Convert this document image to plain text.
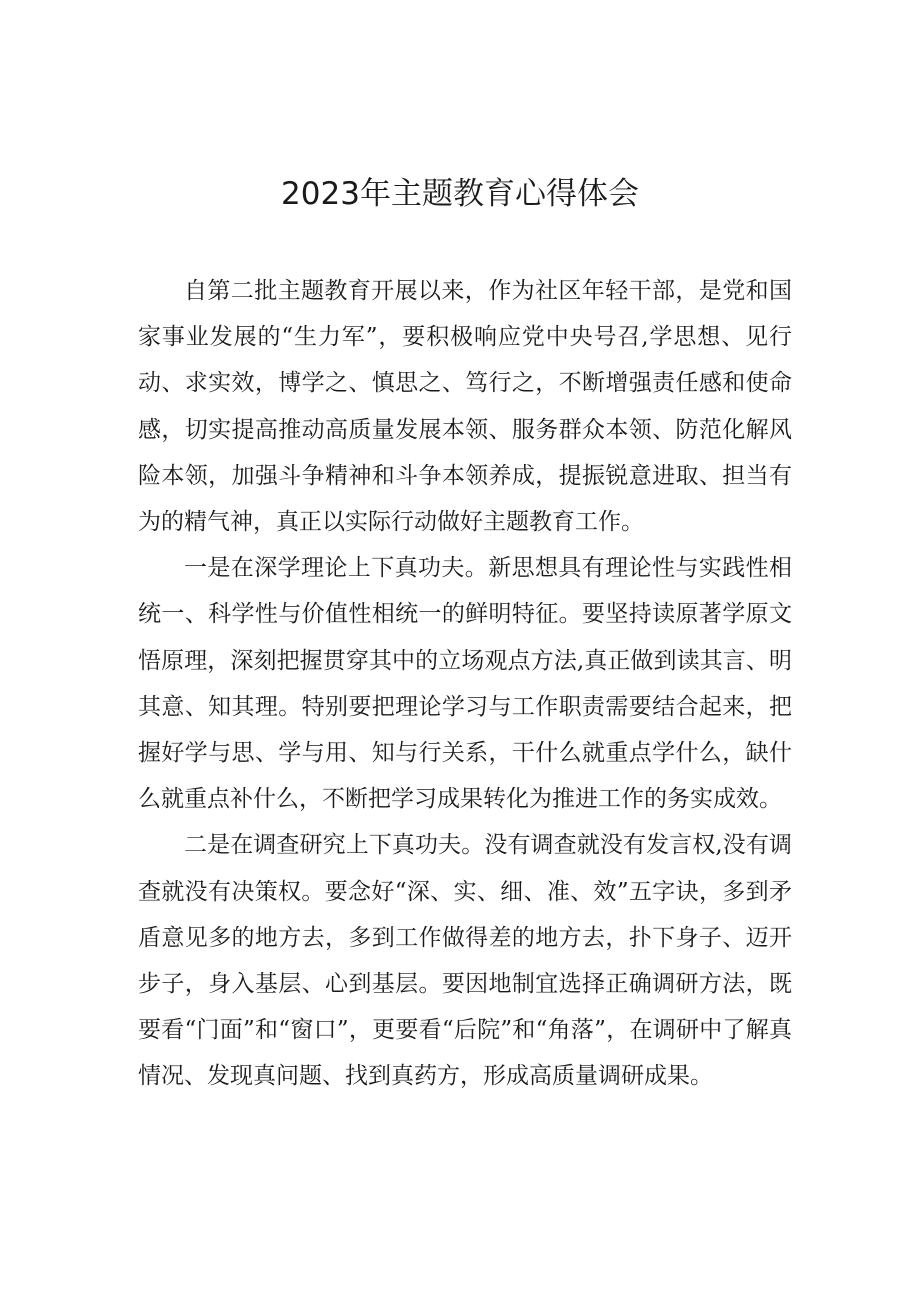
2023年主题教育心得体会

自第二批主题教育开展以来，作为社区年轻干部，是党和国家事业发展的“生力军”，要积极响应党中央号召,学思想、见行动、求实效，博学之、慎思之、笃行之，不断增强责任感和使命感，切实提高推动高质量发展本领、服务群众本领、防范化解风险本领，加强斗争精神和斗争本领养成，提振锐意进取、担当有为的精气神，真正以实际行动做好主题教育工作。

一是在深学理论上下真功夫。新思想具有理论性与实践性相统一、科学性与价值性相统一的鲜明特征。要坚持读原著学原文悟原理，深刻把握贯穿其中的立场观点方法,真正做到读其言、明其意、知其理。特别要把理论学习与工作职责需要结合起来，把握好学与思、学与用、知与行关系，干什么就重点学什么，缺什么就重点补什么，不断把学习成果转化为推进工作的务实成效。

二是在调查研究上下真功夫。没有调查就没有发言权,没有调查就没有决策权。要念好“深、实、细、准、效”五字诀，多到矛盾意见多的地方去，多到工作做得差的地方去，扑下身子、迈开步子，身入基层、心到基层。要因地制宜选择正确调研方法，既要看“门面”和“窗口”，更要看“后院”和“角落”，在调研中了解真情况、发现真问题、找到真药方，形成高质量调研成果。
